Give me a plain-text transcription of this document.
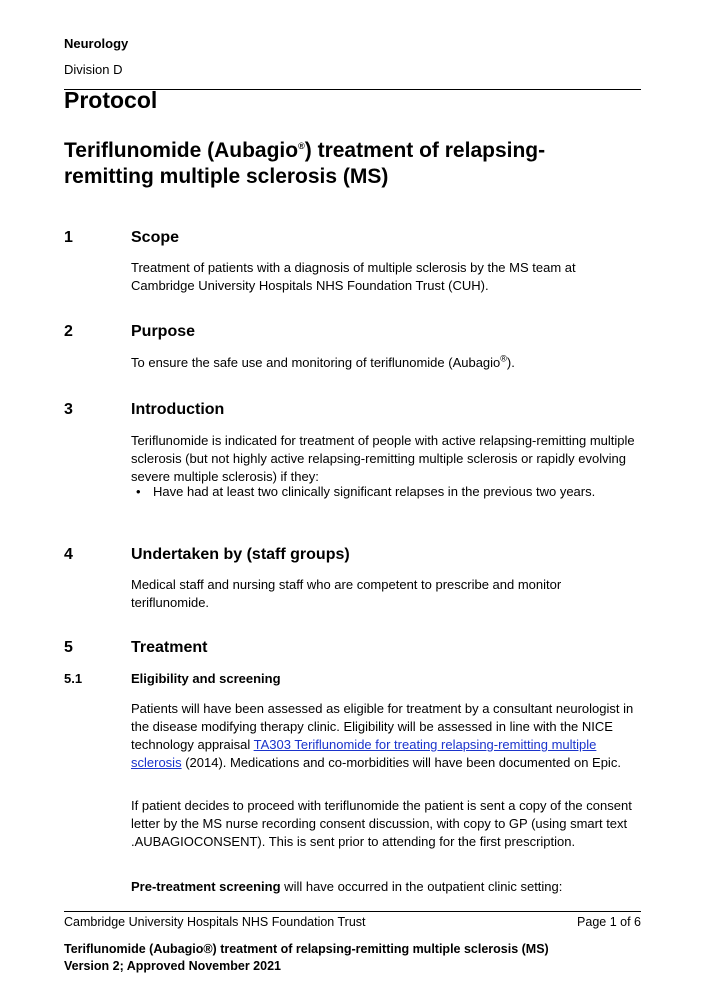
Neurology
Division D
Protocol
Teriflunomide (Aubagio®) treatment of relapsing-remitting multiple sclerosis (MS)
1	Scope
Treatment of patients with a diagnosis of multiple sclerosis by the MS team at Cambridge University Hospitals NHS Foundation Trust (CUH).
2	Purpose
To ensure the safe use and monitoring of teriflunomide (Aubagio®).
3	Introduction
Teriflunomide is indicated for treatment of people with active relapsing-remitting multiple sclerosis (but not highly active relapsing-remitting multiple sclerosis or rapidly evolving severe multiple sclerosis) if they:
• Have had at least two clinically significant relapses in the previous two years.
4	Undertaken by (staff groups)
Medical staff and nursing staff who are competent to prescribe and monitor teriflunomide.
5	Treatment
5.1	Eligibility and screening
Patients will have been assessed as eligible for treatment by a consultant neurologist in the disease modifying therapy clinic. Eligibility will be assessed in line with the NICE technology appraisal TA303 Teriflunomide for treating relapsing-remitting multiple sclerosis (2014). Medications and co-morbidities will have been documented on Epic.
If patient decides to proceed with teriflunomide the patient is sent a copy of the consent letter by the MS nurse recording consent discussion, with copy to GP (using smart text .AUBAGIOCONSENT). This is sent prior to attending for the first prescription.
Pre-treatment screening will have occurred in the outpatient clinic setting:
Cambridge University Hospitals NHS Foundation Trust	Page 1 of 6
Teriflunomide (Aubagio®) treatment of relapsing-remitting multiple sclerosis (MS)
Version 2; Approved November 2021
